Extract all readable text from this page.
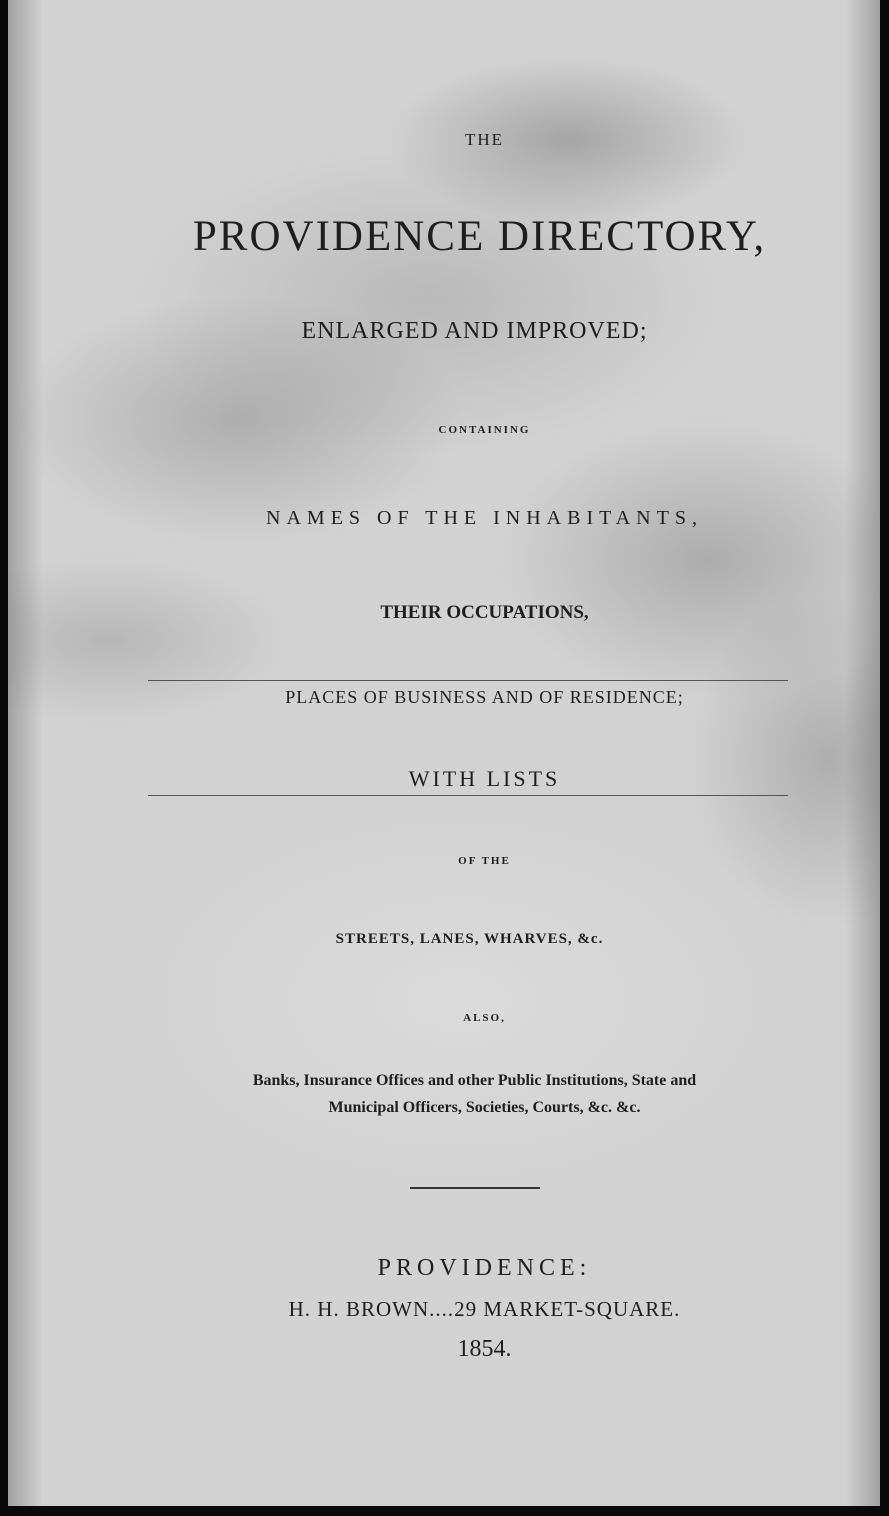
THE

PROVIDENCE DIRECTORY,

ENLARGED AND IMPROVED;

CONTAINING

NAMES OF THE INHABITANTS,

THEIR OCCUPATIONS,

PLACES OF BUSINESS AND OF RESIDENCE;

WITH LISTS

OF THE

STREETS, LANES, WHARVES, &c.

ALSO,

Banks, Insurance Offices and other Public Institutions, State and

Municipal Officers, Societies, Courts, &c. &c.

PROVIDENCE:

H. H. BROWN....29 MARKET-SQUARE.

1854.
